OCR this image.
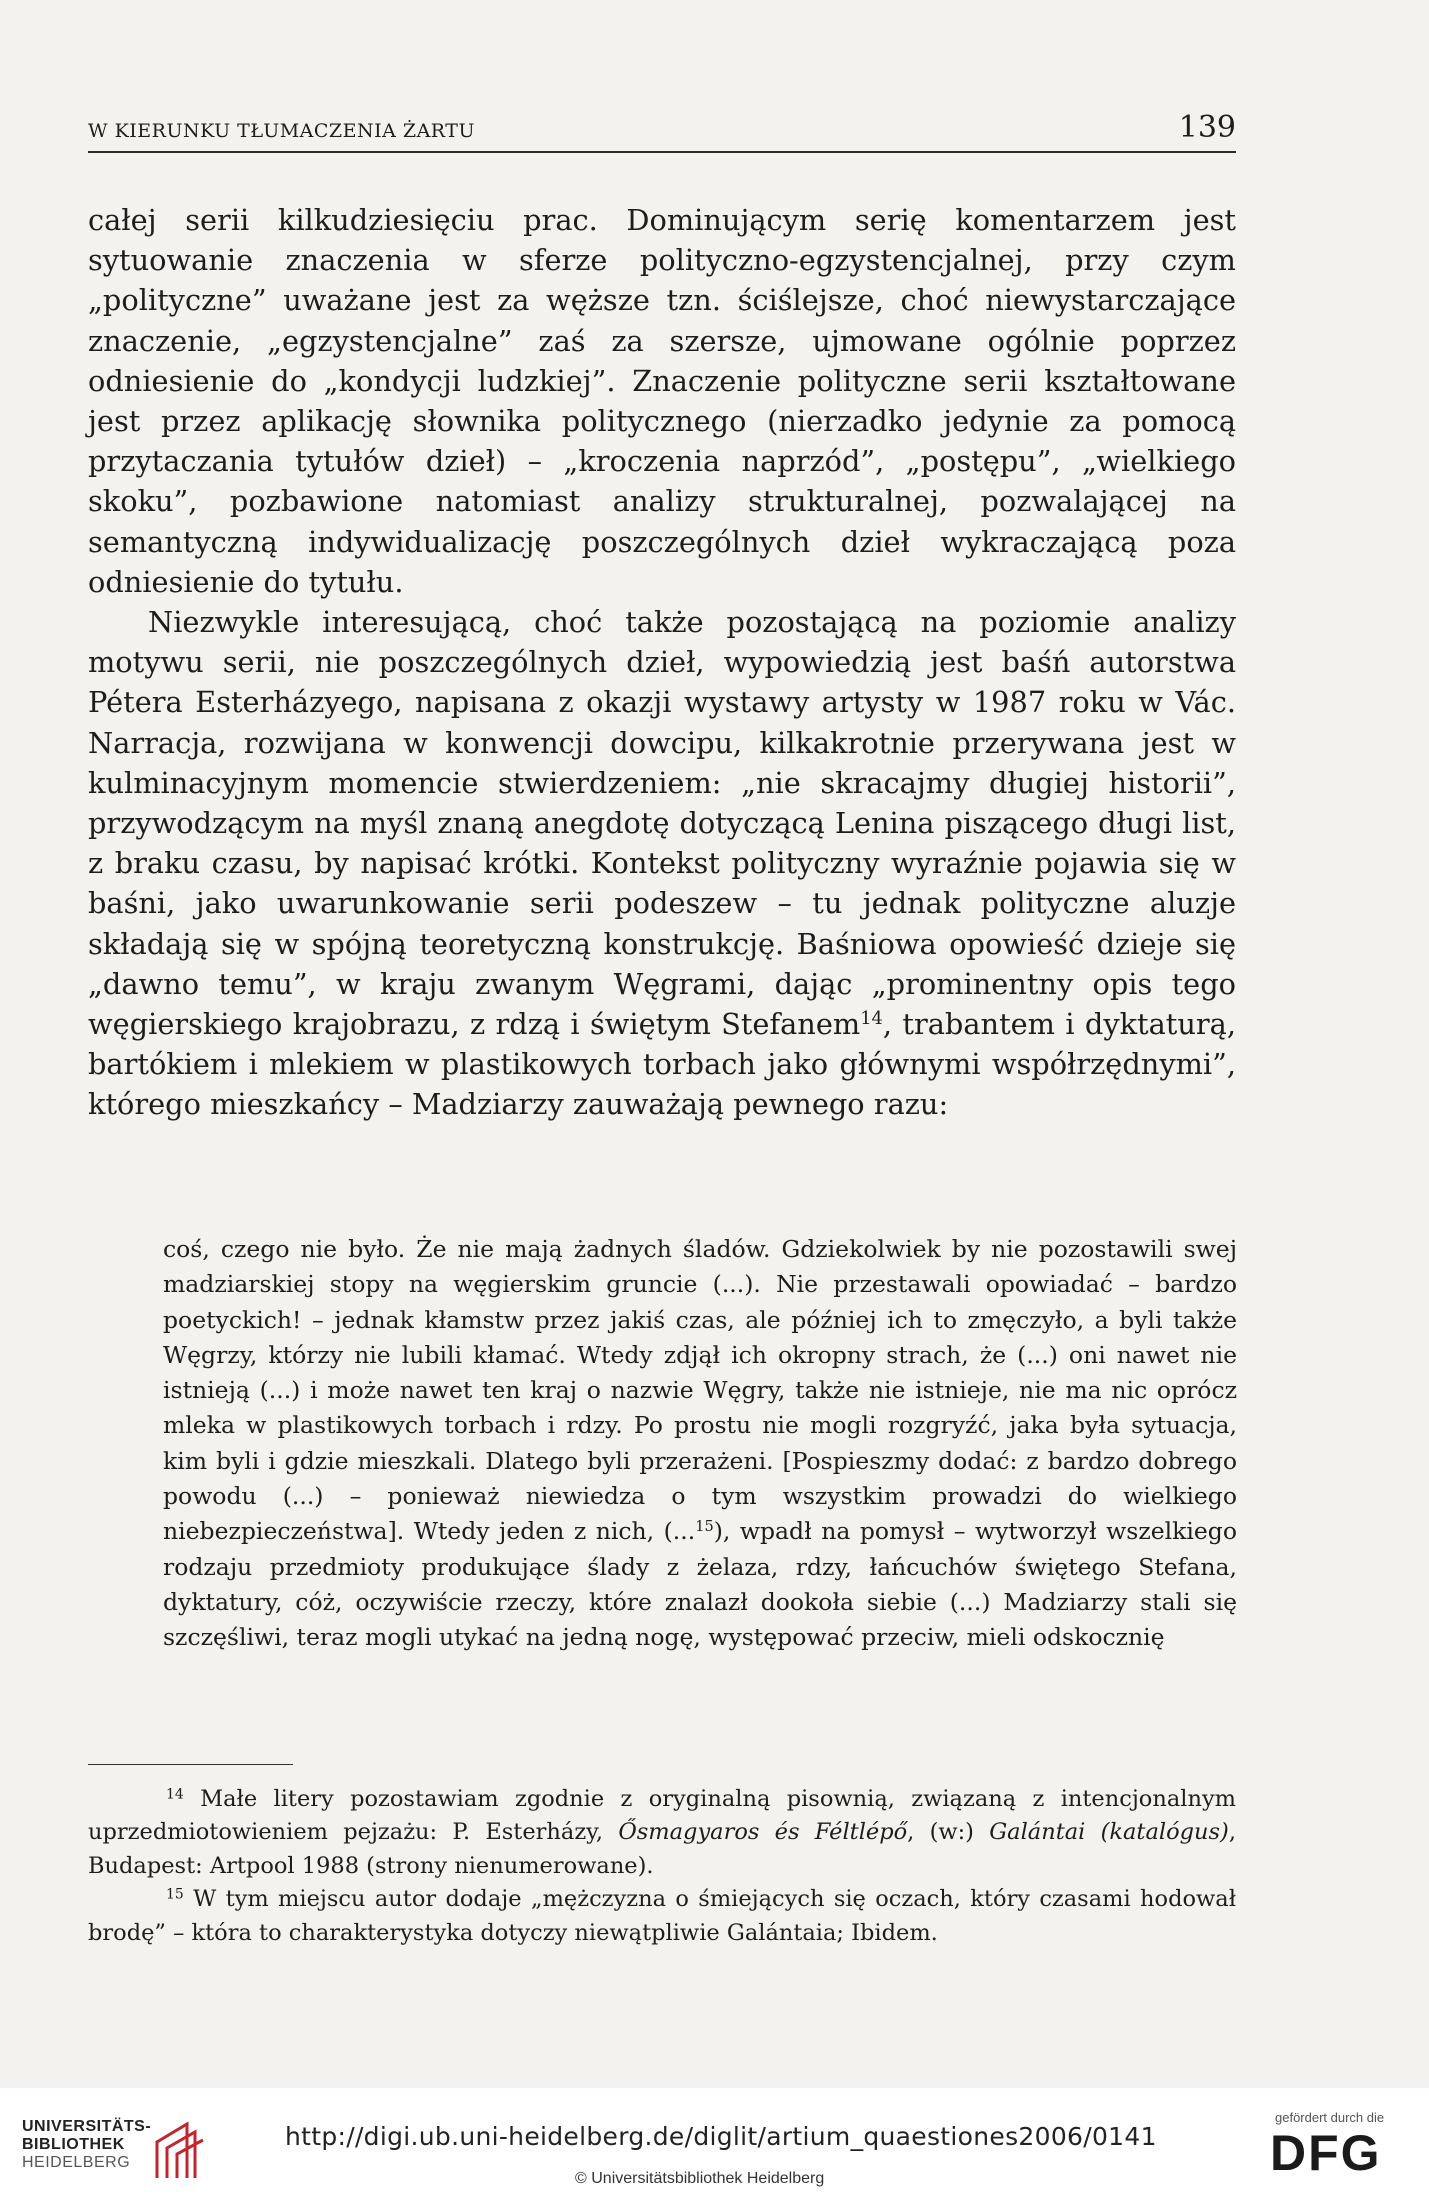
W KIERUNKU TŁUMACZENIA ŻARTU	139

całej serii kilkudziesięciu prac. Dominującym serię komentarzem jest sytuowanie znaczenia w sferze polityczno-egzystencjalnej, przy czym „polityczne” uważane jest za węższe tzn. ściślejsze, choć niewystarczające znaczenie, „egzystencjalne” zaś za szersze, ujmowane ogólnie poprzez odniesienie do „kondycji ludzkiej”. Znaczenie polityczne serii kształtowane jest przez aplikację słownika politycznego (nierzadko jedynie za pomocą przytaczania tytułów dzieł) – „kroczenia naprzód”, „postępu”, „wielkiego skoku”, pozbawione natomiast analizy strukturalnej, pozwalającej na semantyczną indywidualizację poszczególnych dzieł wykraczającą poza odniesienie do tytułu.

Niezwykle interesującą, choć także pozostającą na poziomie analizy motywu serii, nie poszczególnych dzieł, wypowiedzią jest baśń autorstwa Pétera Esterházyego, napisana z okazji wystawy artysty w 1987 roku w Vác. Narracja, rozwijana w konwencji dowcipu, kilkakrotnie przerywana jest w kulminacyjnym momencie stwierdzeniem: „nie skracajmy długiej historii”, przywodzącym na myśl znaną anegdotę dotyczącą Lenina piszącego długi list, z braku czasu, by napisać krótki. Kontekst polityczny wyraźnie pojawia się w baśni, jako uwarunkowanie serii podeszew – tu jednak polityczne aluzje składają się w spójną teoretyczną konstrukcję. Baśniowa opowieść dzieje się „dawno temu”, w kraju zwanym Węgrami, dając „prominentny opis tego węgierskiego krajobrazu, z rdzą i świętym Stefanem$^{14}$, trabantem i dyktaturą, bartókiem i mlekiem w plastikowych torbach jako głównymi współrzędnymi”, którego mieszkańcy – Madziarzy zauważają pewnego razu:

coś, czego nie było. Że nie mają żadnych śladów. Gdziekolwiek by nie pozostawili swej madziarskiej stopy na węgierskim gruncie (...). Nie przestawali opowiadać – bardzo poetyckich! – jednak kłamstw przez jakiś czas, ale później ich to zmęczyło, a byli także Węgrzy, którzy nie lubili kłamać. Wtedy zdjął ich okropny strach, że (...) oni nawet nie istnieją (...) i może nawet ten kraj o nazwie Węgry, także nie istnieje, nie ma nic oprócz mleka w plastikowych torbach i rdzy. Po prostu nie mogli rozgryźć, jaka była sytuacja, kim byli i gdzie mieszkali. Dlatego byli przerażeni. [Pospieszmy dodać: z bardzo dobrego powodu (...) – ponieważ niewiedza o tym wszystkim prowadzi do wielkiego niebezpieczeństwa]. Wtedy jeden z nich, (...$^{15}$), wpadł na pomysł – wytworzył wszelkiego rodzaju przedmioty produkujące ślady z żelaza, rdzy, łańcuchów świętego Stefana, dyktatury, cóż, oczywiście rzeczy, które znalazł dookoła siebie (...) Madziarzy stali się szczęśliwi, teraz mogli utykać na jedną nogę, występować przeciw, mieli odskocznię

$^{14}$ Małe litery pozostawiam zgodnie z oryginalną pisownią, związaną z intencjonalnym uprzedmiotowieniem pejzażu: P. Esterházy, Ősmagyaros és Féltlépő, (w:) Galántai (katalógus), Budapest: Artpool 1988 (strony nienumerowane).

$^{15}$ W tym miejscu autor dodaje „mężczyzna o śmiejących się oczach, który czasami hodował brodę” – która to charakterystyka dotyczy niewątpliwie Galántaia; Ibidem.

UNIVERSITÄTS-
BIBLIOTHEK
HEIDELBERG
http://digi.ub.uni-heidelberg.de/diglit/artium_quaestiones2006/0141
© Universitätsbibliothek Heidelberg
gefördert durch die
DFG
